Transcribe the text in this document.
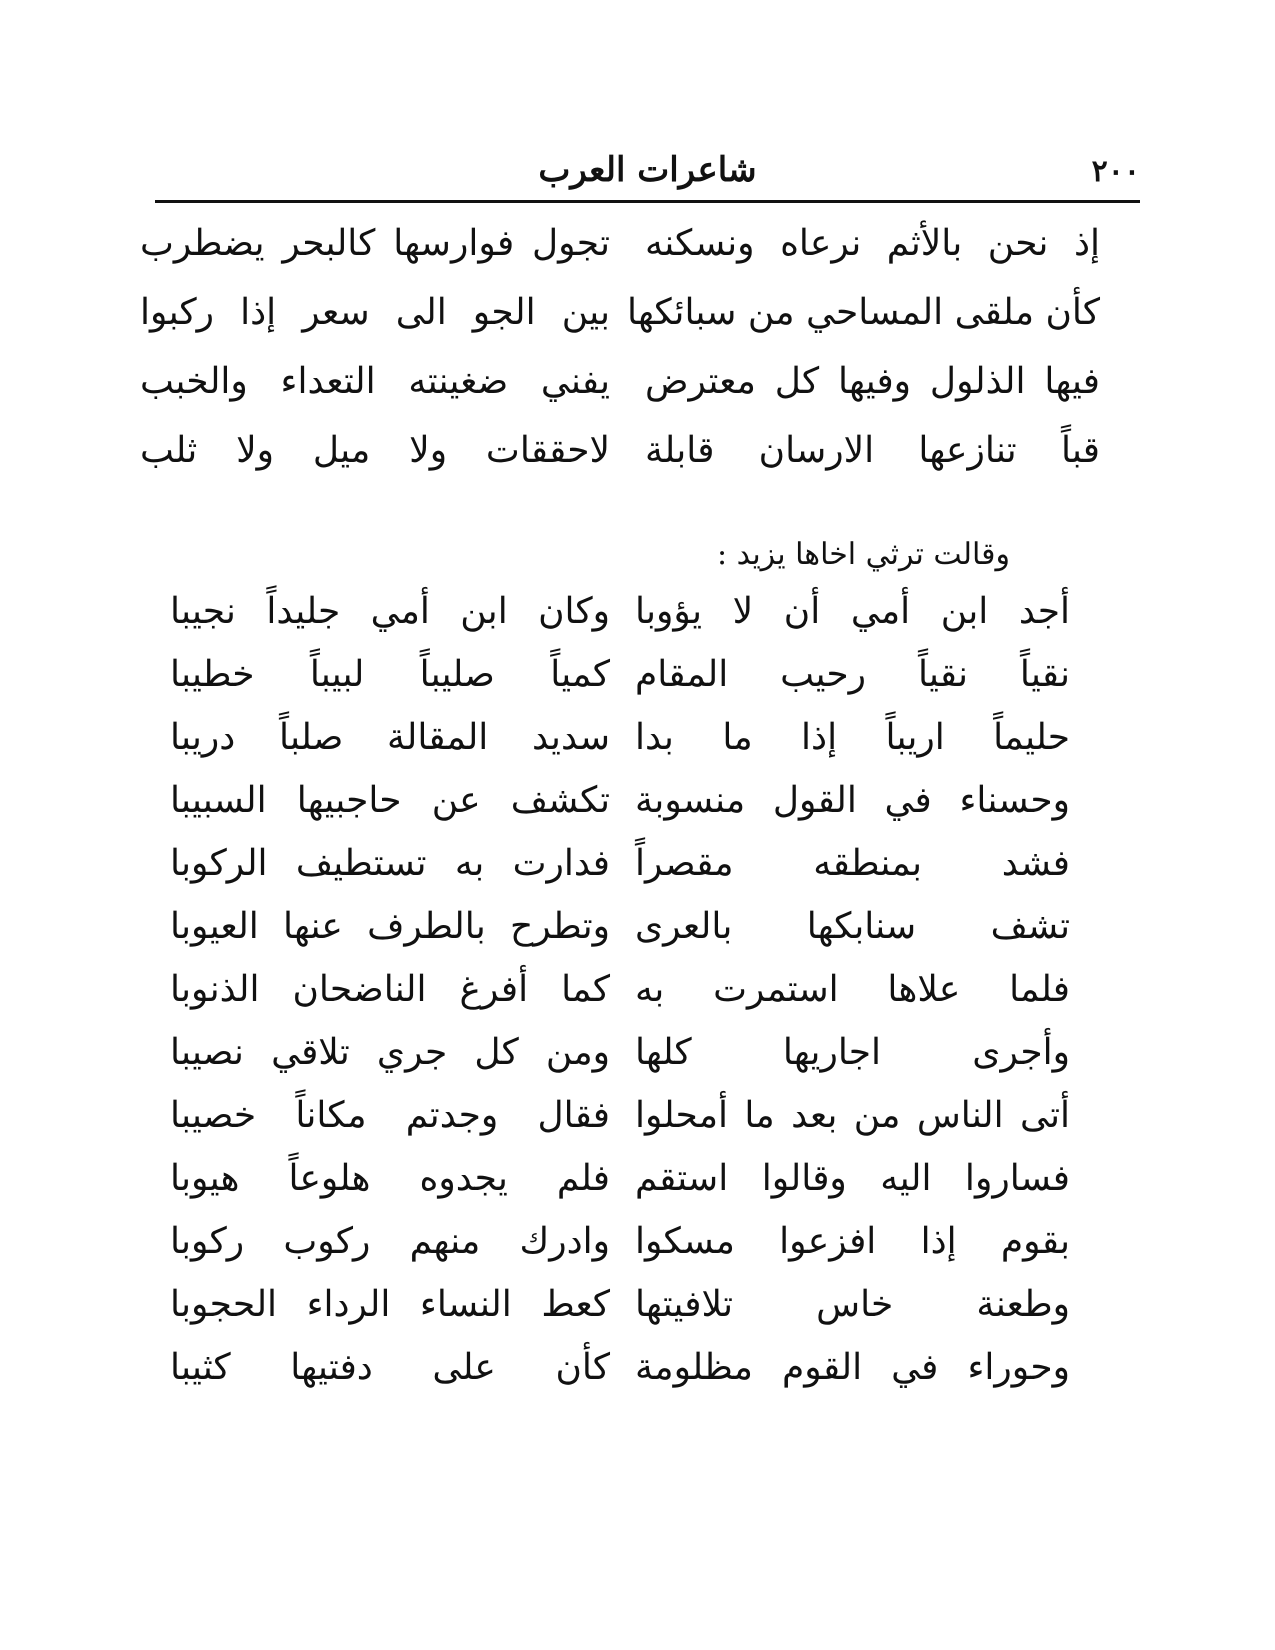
٢٠٠
شاعرات العرب
إذ نحن بالأثم نرعاه ونسكنه
تجول فوارسها كالبحر يضطرب
كأن ملقى المساحي من سبائكها
بين الجو الى سعر إذا ركبوا
فيها الذلول وفيها كل معترض
يفني ضغينته التعداء والخبب
قباً تنازعها الارسان قابلة
لاحققات ولا ميل ولا ثلب
وقالت ترثي اخاها يزيد :
أجد ابن أمي أن لا يؤوبا
وكان ابن أمي جليداً نجيبا
نقياً نقياً رحيب المقام
كمياً صليباً لبيباً خطيبا
حليماً اريباً إذا ما بدا
سديد المقالة صلباً دريبا
وحسناء في القول منسوبة
تكشف عن حاجبيها السبيبا
فشد بمنطقه مقصراً
فدارت به تستطيف الركوبا
تشف سنابكها بالعرى
وتطرح بالطرف عنها العيوبا
فلما علاها استمرت به
كما أفرغ الناضحان الذنوبا
وأجرى اجاريها كلها
ومن كل جري تلاقي نصيبا
أتى الناس من بعد ما أمحلوا
فقال وجدتم مكاناً خصيبا
فساروا اليه وقالوا استقم
فلم يجدوه هلوعاً هيوبا
بقوم إذا افزعوا مسكوا
وادرك منهم ركوب ركوبا
وطعنة خاس تلافيتها
كعط النساء الرداء الحجوبا
وحوراء في القوم مظلومة
كأن على دفتيها كثيبا
